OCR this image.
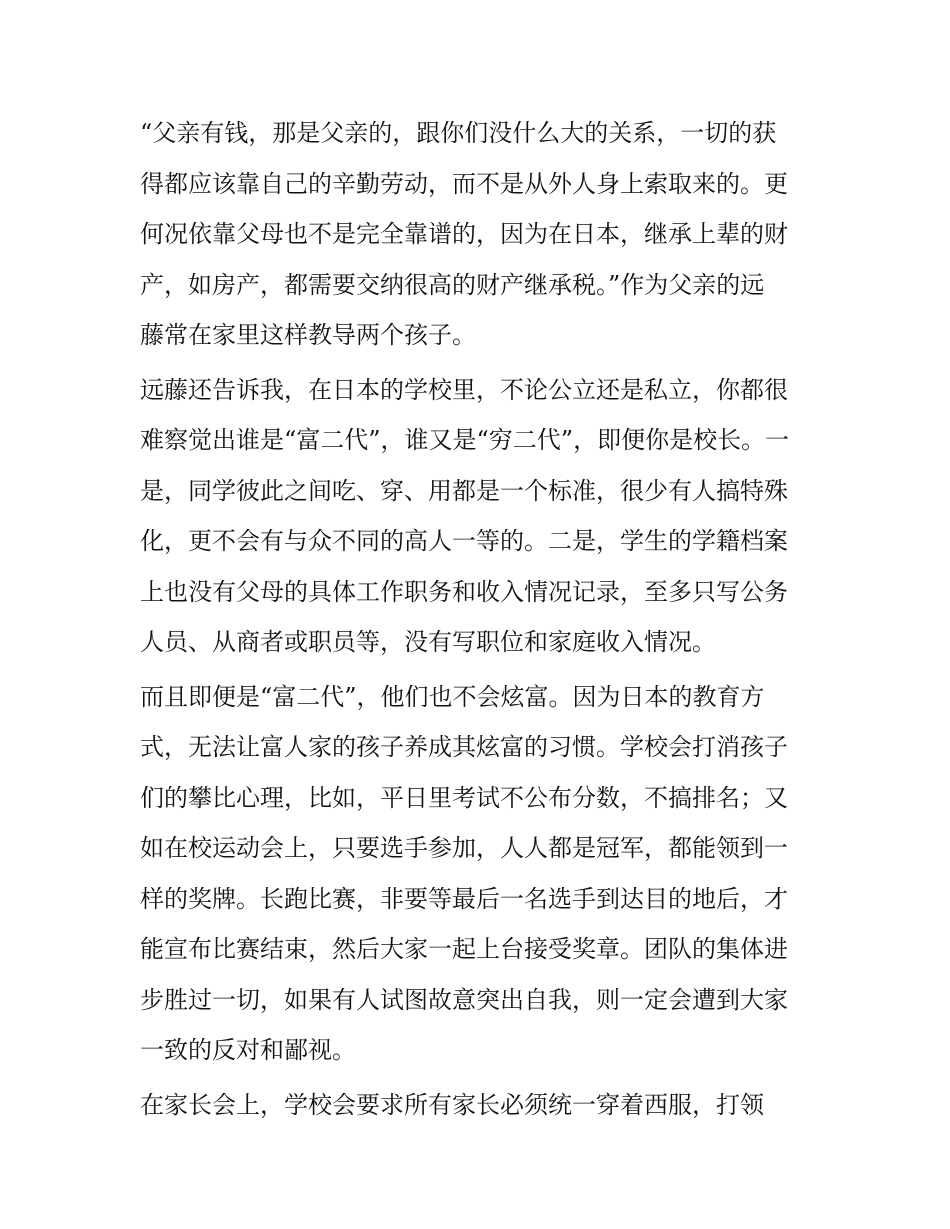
“父亲有钱，那是父亲的，跟你们没什么大的关系，一切的获
得都应该靠自己的辛勤劳动，而不是从外人身上索取来的。更
何况依靠父母也不是完全靠谱的，因为在日本，继承上辈的财
产，如房产，都需要交纳很高的财产继承税。”作为父亲的远
藤常在家里这样教导两个孩子。
远藤还告诉我，在日本的学校里，不论公立还是私立，你都很
难察觉出谁是“富二代”，谁又是“穷二代”，即便你是校长。一
是，同学彼此之间吃、穿、用都是一个标准，很少有人搞特殊
化，更不会有与众不同的高人一等的。二是，学生的学籍档案
上也没有父母的具体工作职务和收入情况记录，至多只写公务
人员、从商者或职员等，没有写职位和家庭收入情况。
而且即便是“富二代”，他们也不会炫富。因为日本的教育方
式，无法让富人家的孩子养成其炫富的习惯。学校会打消孩子
们的攀比心理，比如，平日里考试不公布分数，不搞排名；又
如在校运动会上，只要选手参加，人人都是冠军，都能领到一
样的奖牌。长跑比赛，非要等最后一名选手到达目的地后，才
能宣布比赛结束，然后大家一起上台接受奖章。团队的集体进
步胜过一切，如果有人试图故意突出自我，则一定会遭到大家
一致的反对和鄙视。
在家长会上，学校会要求所有家长必须统一穿着西服，打领
